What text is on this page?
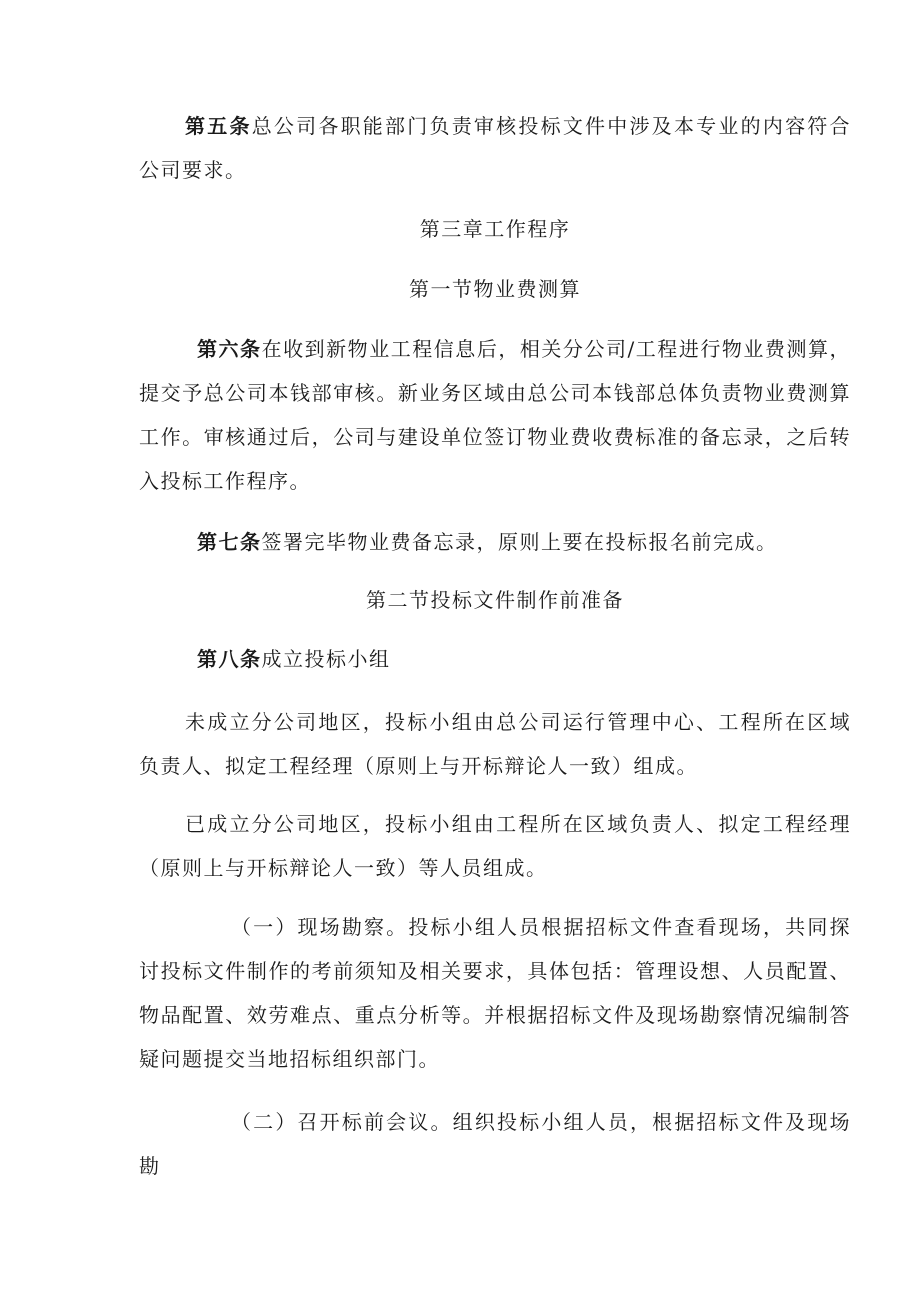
第五条总公司各职能部门负责审核投标文件中涉及本专业的内容符合公司要求。

第三章工作程序

第一节物业费测算

第六条在收到新物业工程信息后，相关分公司/工程进行物业费测算，提交予总公司本钱部审核。新业务区域由总公司本钱部总体负责物业费测算工作。审核通过后，公司与建设单位签订物业费收费标准的备忘录，之后转入投标工作程序。

第七条签署完毕物业费备忘录，原则上要在投标报名前完成。

第二节投标文件制作前准备

第八条成立投标小组

未成立分公司地区，投标小组由总公司运行管理中心、工程所在区域负责人、拟定工程经理（原则上与开标辩论人一致）组成。

已成立分公司地区，投标小组由工程所在区域负责人、拟定工程经理（原则上与开标辩论人一致）等人员组成。

（一）现场勘察。投标小组人员根据招标文件查看现场，共同探讨投标文件制作的考前须知及相关要求，具体包括：管理设想、人员配置、物品配置、效劳难点、重点分析等。并根据招标文件及现场勘察情况编制答疑问题提交当地招标组织部门。

（二）召开标前会议。组织投标小组人员，根据招标文件及现场勘
